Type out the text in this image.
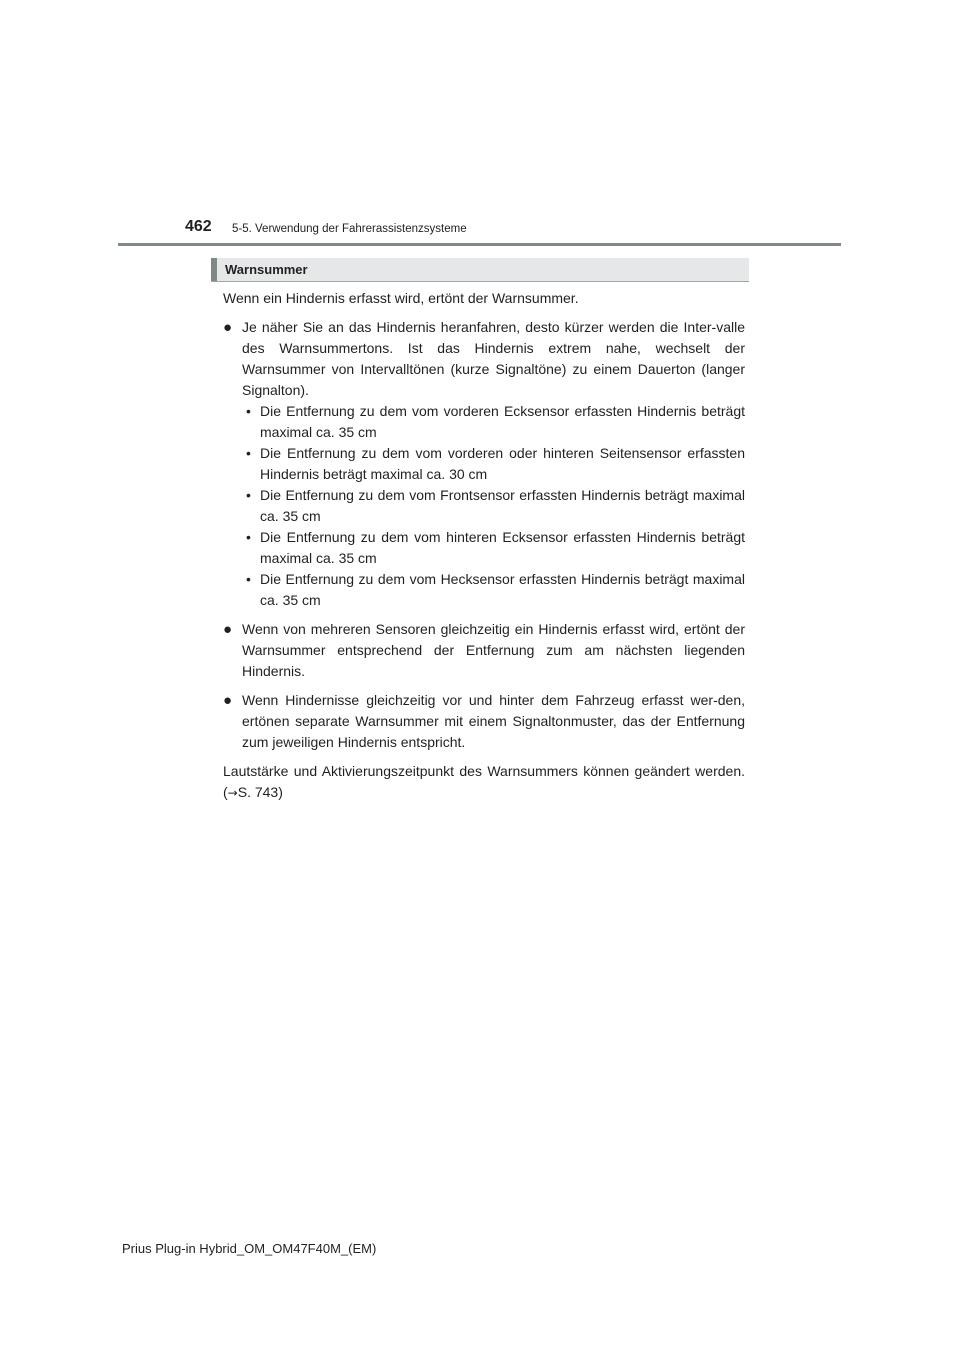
462 5-5. Verwendung der Fahrerassistenzsysteme
Warnsummer

Wenn ein Hindernis erfasst wird, ertönt der Warnsummer.

● Je näher Sie an das Hindernis heranfahren, desto kürzer werden die Inter-valle des Warnsummertons. Ist das Hindernis extrem nahe, wechselt der Warnsummer von Intervalltönen (kurze Signaltöne) zu einem Dauerton (langer Signalton).
• Die Entfernung zu dem vom vorderen Ecksensor erfassten Hindernis beträgt maximal ca. 35 cm
• Die Entfernung zu dem vom vorderen oder hinteren Seitensensor erfassten Hindernis beträgt maximal ca. 30 cm
• Die Entfernung zu dem vom Frontsensor erfassten Hindernis beträgt maximal ca. 35 cm
• Die Entfernung zu dem vom hinteren Ecksensor erfassten Hindernis beträgt maximal ca. 35 cm
• Die Entfernung zu dem vom Hecksensor erfassten Hindernis beträgt maximal ca. 35 cm
● Wenn von mehreren Sensoren gleichzeitig ein Hindernis erfasst wird, ertönt der Warnsummer entsprechend der Entfernung zum am nächsten liegenden Hindernis.
● Wenn Hindernisse gleichzeitig vor und hinter dem Fahrzeug erfasst wer-den, ertönen separate Warnsummer mit einem Signaltonmuster, das der Entfernung zum jeweiligen Hindernis entspricht.

Lautstärke und Aktivierungszeitpunkt des Warnsummers können geändert werden. (→S. 743)

Prius Plug-in Hybrid_OM_OM47F40M_(EM)
